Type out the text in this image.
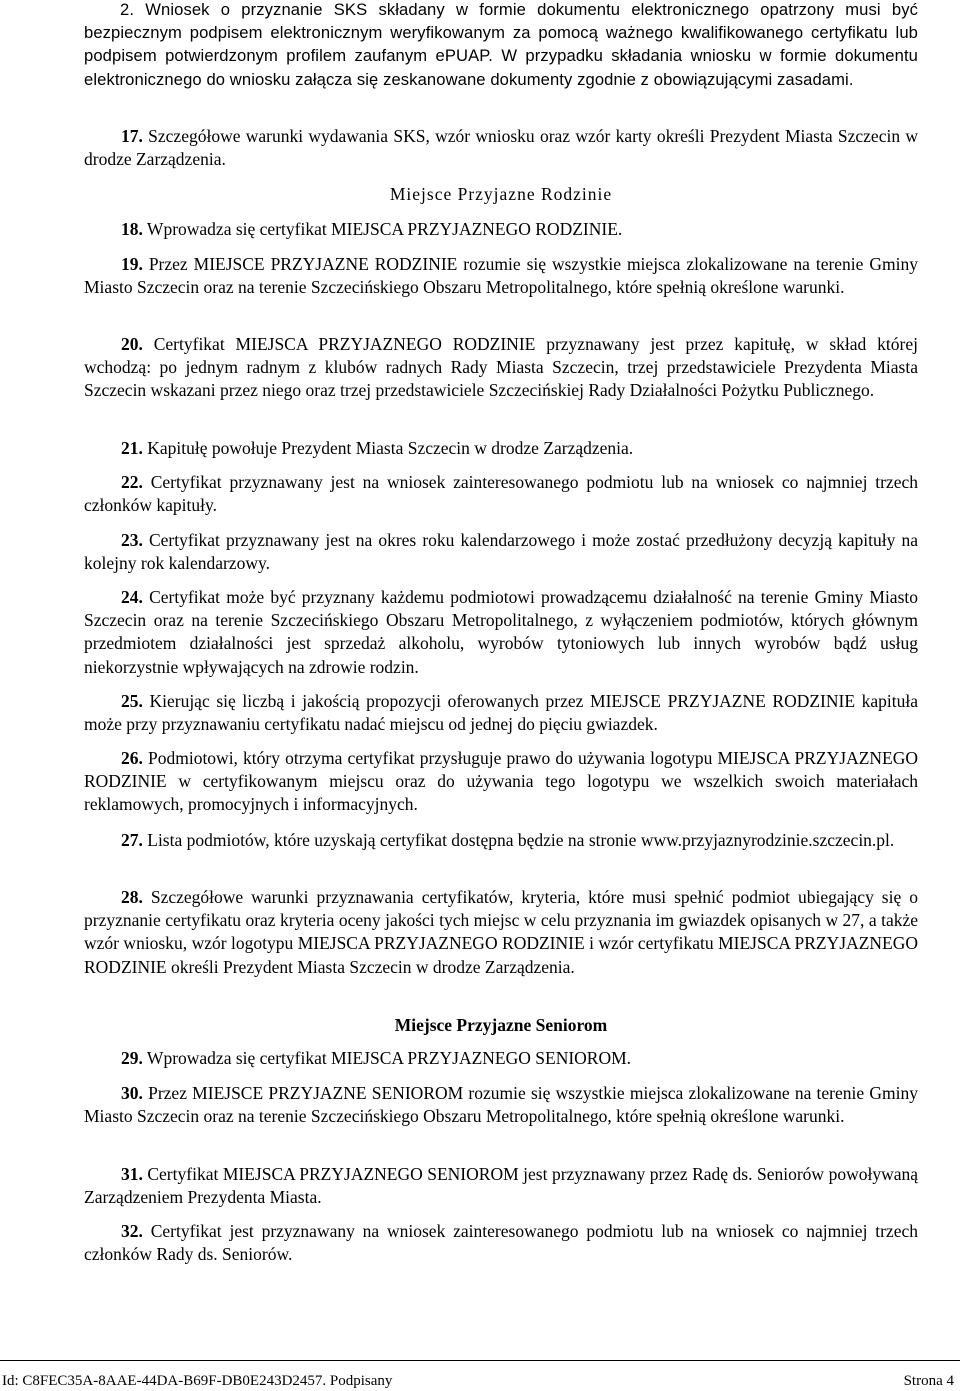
2. Wniosek o przyznanie SKS składany w formie dokumentu elektronicznego opatrzony musi być bezpiecznym podpisem elektronicznym weryfikowanym za pomocą ważnego kwalifikowanego certyfikatu lub podpisem potwierdzonym profilem zaufanym ePUAP. W przypadku składania wniosku w formie dokumentu elektronicznego do wniosku załącza się zeskanowane dokumenty zgodnie z obowiązującymi zasadami.

17. Szczegółowe warunki wydawania SKS, wzór wniosku oraz wzór karty określi Prezydent Miasta Szczecin w drodze Zarządzenia.

Miejsce Przyjazne Rodzinie

18. Wprowadza się certyfikat MIEJSCA PRZYJAZNEGO RODZINIE.

19. Przez MIEJSCE PRZYJAZNE RODZINIE rozumie się wszystkie miejsca zlokalizowane na terenie Gminy Miasto Szczecin oraz na terenie Szczecińskiego Obszaru Metropolitalnego, które spełnią określone warunki.

20. Certyfikat MIEJSCA PRZYJAZNEGO RODZINIE przyznawany jest przez kapitułę, w skład której wchodzą: po jednym radnym z klubów radnych Rady Miasta Szczecin, trzej przedstawiciele Prezydenta Miasta Szczecin wskazani przez niego oraz trzej przedstawiciele Szczecińskiej Rady Działalności Pożytku Publicznego.

21. Kapitułę powołuje Prezydent Miasta Szczecin w drodze Zarządzenia.

22. Certyfikat przyznawany jest na wniosek zainteresowanego podmiotu lub na wniosek co najmniej trzech członków kapituły.

23. Certyfikat przyznawany jest na okres roku kalendarzowego i może zostać przedłużony decyzją kapituły na kolejny rok kalendarzowy.

24. Certyfikat może być przyznany każdemu podmiotowi prowadzącemu działalność na terenie Gminy Miasto Szczecin oraz na terenie Szczecińskiego Obszaru Metropolitalnego, z wyłączeniem podmiotów, których głównym przedmiotem działalności jest sprzedaż alkoholu, wyrobów tytoniowych lub innych wyrobów bądź usług niekorzystnie wpływających na zdrowie rodzin.

25. Kierując się liczbą i jakością propozycji oferowanych przez MIEJSCE PRZYJAZNE RODZINIE kapituła może przy przyznawaniu certyfikatu nadać miejscu od jednej do pięciu gwiazdek.

26. Podmiotowi, który otrzyma certyfikat przysługuje prawo do używania logotypu MIEJSCA PRZYJAZNEGO RODZINIE w certyfikowanym miejscu oraz do używania tego logotypu we wszelkich swoich materiałach reklamowych, promocyjnych i informacyjnych.

27. Lista podmiotów, które uzyskają certyfikat dostępna będzie na stronie www.przyjaznyrodzinie.szczecin.pl.

28. Szczegółowe warunki przyznawania certyfikatów, kryteria, które musi spełnić podmiot ubiegający się o przyznanie certyfikatu oraz kryteria oceny jakości tych miejsc w celu przyznania im gwiazdek opisanych w 27, a także wzór wniosku, wzór logotypu MIEJSCA PRZYJAZNEGO RODZINIE i wzór certyfikatu MIEJSCA PRZYJAZNEGO RODZINIE określi Prezydent Miasta Szczecin w drodze Zarządzenia.

Miejsce Przyjazne Seniorom

29. Wprowadza się certyfikat MIEJSCA PRZYJAZNEGO SENIOROM.

30. Przez MIEJSCE PRZYJAZNE SENIOROM rozumie się wszystkie miejsca zlokalizowane na terenie Gminy Miasto Szczecin oraz na terenie Szczecińskiego Obszaru Metropolitalnego, które spełnią określone warunki.

31. Certyfikat MIEJSCA PRZYJAZNEGO SENIOROM jest przyznawany przez Radę ds. Seniorów powoływaną Zarządzeniem Prezydenta Miasta.

32. Certyfikat jest przyznawany na wniosek zainteresowanego podmiotu lub na wniosek co najmniej trzech członków Rady ds. Seniorów.

Id: C8FEC35A-8AAE-44DA-B69F-DB0E243D2457. Podpisany	Strona 4
